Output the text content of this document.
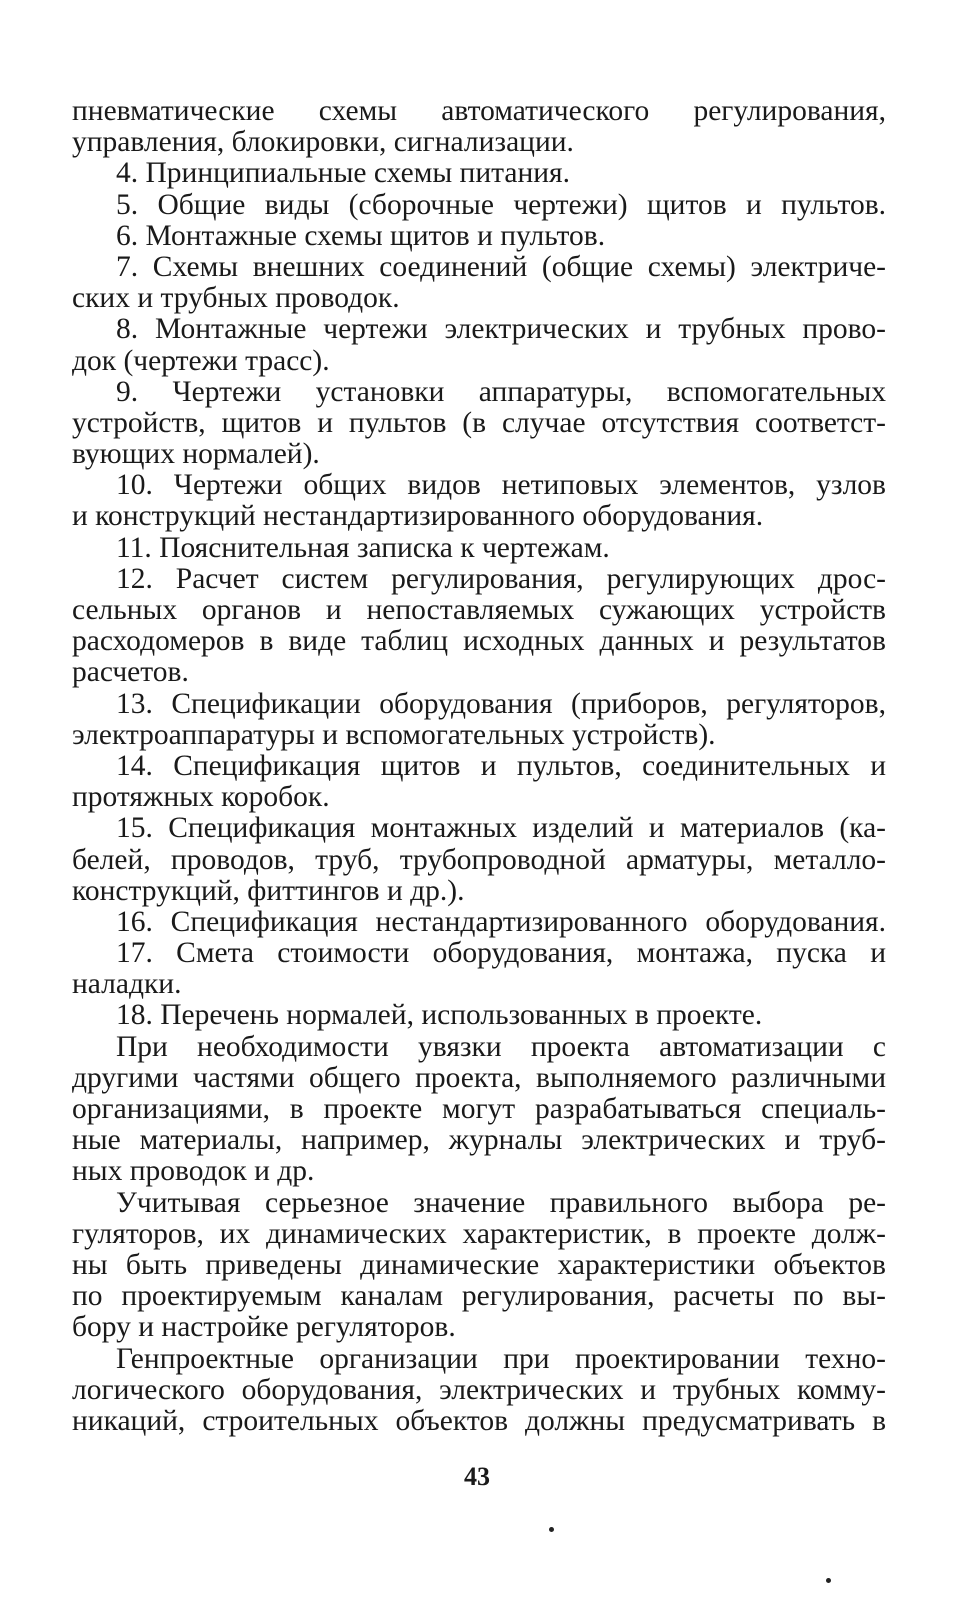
пневматические схемы автоматического регулирования,
управления, блокировки, сигнализации.
4. Принципиальные схемы питания.
5. Общие виды (сборочные чертежи) щитов и пультов.
6. Монтажные схемы щитов и пультов.
7. Схемы внешних соединений (общие схемы) электриче-
ских и трубных проводок.
8. Монтажные чертежи электрических и трубных прово-
док (чертежи трасс).
9. Чертежи установки аппаратуры, вспомогательных
устройств, щитов и пультов (в случае отсутствия соответст-
вующих нормалей).
10. Чертежи общих видов нетиповых элементов, узлов
и конструкций нестандартизированного оборудования.
11. Пояснительная записка к чертежам.
12. Расчет систем регулирования, регулирующих дрос-
сельных органов и непоставляемых сужающих устройств
расходомеров в виде таблиц исходных данных и результатов
расчетов.
13. Спецификации оборудования (приборов, регуляторов,
электроаппаратуры и вспомогательных устройств).
14. Спецификация щитов и пультов, соединительных и
протяжных коробок.
15. Спецификация монтажных изделий и материалов (ка-
белей, проводов, труб, трубопроводной арматуры, металло-
конструкций, фиттингов и др.).
16. Спецификация нестандартизированного оборудования.
17. Смета стоимости оборудования, монтажа, пуска и
наладки.
18. Перечень нормалей, использованных в проекте.
При необходимости увязки проекта автоматизации с
другими частями общего проекта, выполняемого различными
организациями, в проекте могут разрабатываться специаль-
ные материалы, например, журналы электрических и труб-
ных проводок и др.
Учитывая серьезное значение правильного выбора ре-
гуляторов, их динамических характеристик, в проекте долж-
ны быть приведены динамические характеристики объектов
по проектируемым каналам регулирования, расчеты по вы-
бору и настройке регуляторов.
Генпроектные организации при проектировании техно-
логического оборудования, электрических и трубных комму-
никаций, строительных объектов должны предусматривать в
43
